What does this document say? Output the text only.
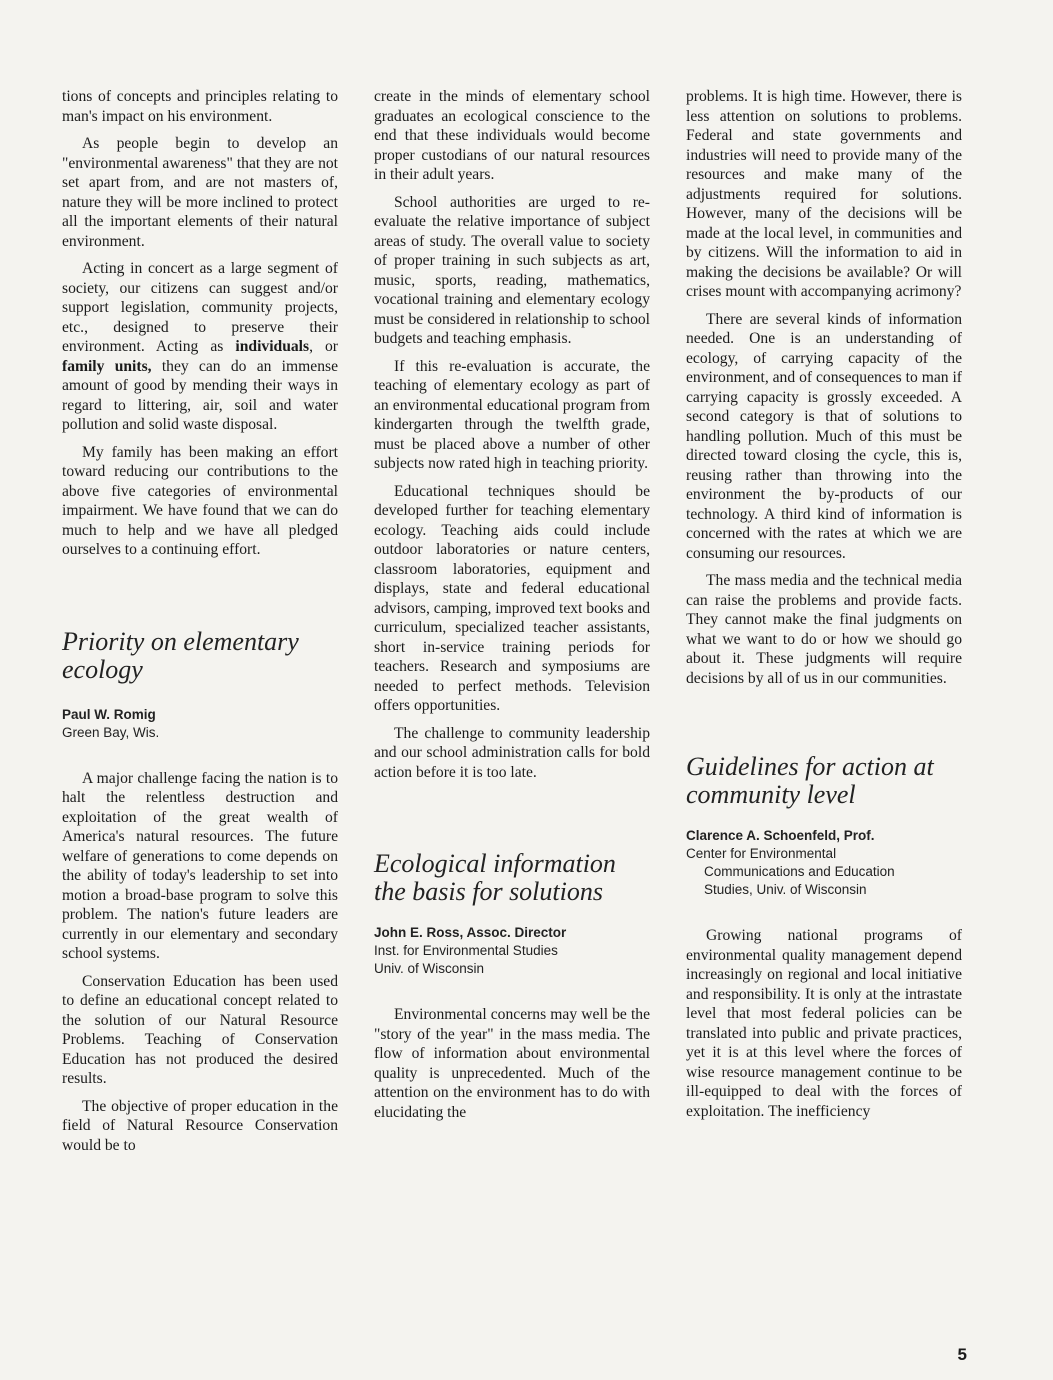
tions of concepts and principles relating to man's impact on his environment.

As people begin to develop an "environmental awareness" that they are not set apart from, and are not masters of, nature they will be more inclined to protect all the important elements of their natural environment.

Acting in concert as a large segment of society, our citizens can suggest and/or support legislation, community projects, etc., designed to preserve their environment. Acting as individuals, or family units, they can do an immense amount of good by mending their ways in regard to littering, air, soil and water pollution and solid waste disposal.

My family has been making an effort toward reducing our contributions to the above five categories of environmental impairment. We have found that we can do much to help and we have all pledged ourselves to a continuing effort.

Priority on elementary ecology
Paul W. Romig
Green Bay, Wis.

A major challenge facing the nation is to halt the relentless destruction and exploitation of the great wealth of America's natural resources. The future welfare of generations to come depends on the ability of today's leadership to set into motion a broad-base program to solve this problem. The nation's future leaders are currently in our elementary and secondary school systems.

Conservation Education has been used to define an educational concept related to the solution of our Natural Resource Problems. Teaching of Conservation Education has not produced the desired results.

The objective of proper education in the field of Natural Resource Conservation would be to

create in the minds of elementary school graduates an ecological conscience to the end that these individuals would become proper custodians of our natural resources in their adult years.

School authorities are urged to re-evaluate the relative importance of subject areas of study. The overall value to society of proper training in such subjects as art, music, sports, reading, mathematics, vocational training and elementary ecology must be considered in relationship to school budgets and teaching emphasis.

If this re-evaluation is accurate, the teaching of elementary ecology as part of an environmental educational program from kindergarten through the twelfth grade, must be placed above a number of other subjects now rated high in teaching priority.

Educational techniques should be developed further for teaching elementary ecology. Teaching aids could include outdoor laboratories or nature centers, classroom laboratories, equipment and displays, state and federal educational advisors, camping, improved text books and curriculum, specialized teacher assistants, short in-service training periods for teachers. Research and symposiums are needed to perfect methods. Television offers opportunities.

The challenge to community leadership and our school administration calls for bold action before it is too late.

Ecological information the basis for solutions
John E. Ross, Assoc. Director
Inst. for Environmental Studies
Univ. of Wisconsin

Environmental concerns may well be the "story of the year" in the mass media. The flow of information about environmental quality is unprecedented. Much of the attention on the environment has to do with elucidating the

problems. It is high time. However, there is less attention on solutions to problems. Federal and state governments and industries will need to provide many of the resources and make many of the adjustments required for solutions. However, many of the decisions will be made at the local level, in communities and by citizens. Will the information to aid in making the decisions be available? Or will crises mount with accompanying acrimony?

There are several kinds of information needed. One is an understanding of ecology, of carrying capacity of the environment, and of consequences to man if carrying capacity is grossly exceeded. A second category is that of solutions to handling pollution. Much of this must be directed toward closing the cycle, this is, reusing rather than throwing into the environment the by-products of our technology. A third kind of information is concerned with the rates at which we are consuming our resources.

The mass media and the technical media can raise the problems and provide facts. They cannot make the final judgments on what we want to do or how we should go about it. These judgments will require decisions by all of us in our communities.

Guidelines for action at community level
Clarence A. Schoenfeld, Prof.
Center for Environmental
Communications and Education
Studies, Univ. of Wisconsin

Growing national programs of environmental quality management depend increasingly on regional and local initiative and responsibility. It is only at the intrastate level that most federal policies can be translated into public and private practices, yet it is at this level where the forces of wise resource management continue to be ill-equipped to deal with the forces of exploitation. The inefficiency

5
